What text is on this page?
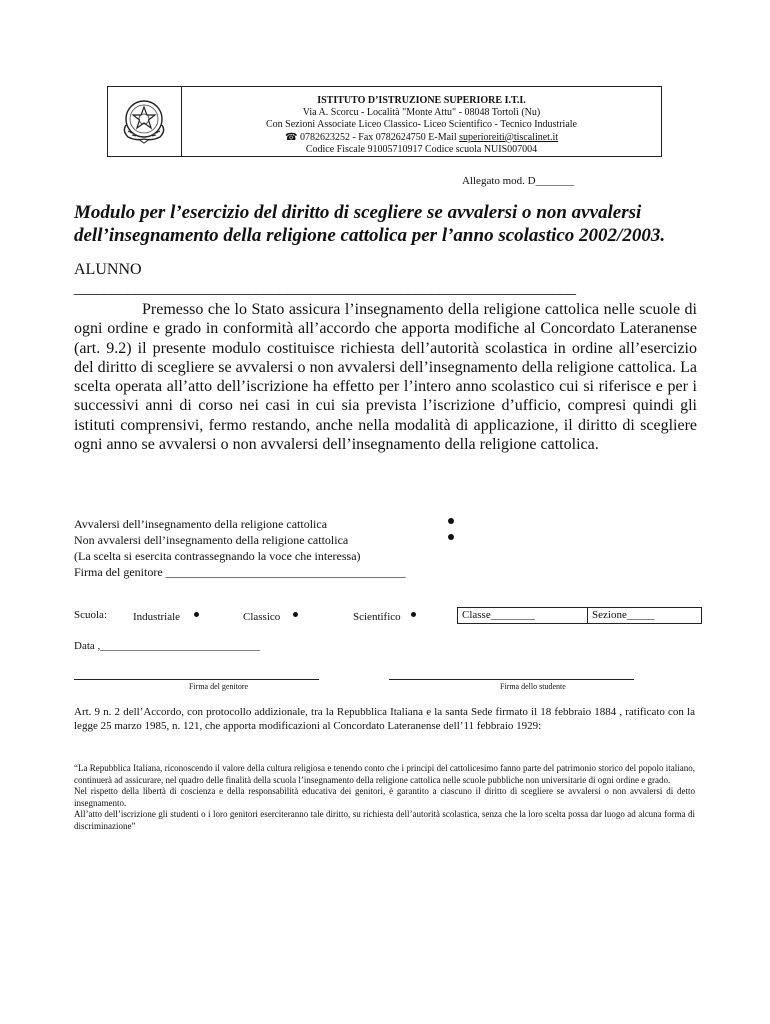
ISTITUTO D’ISTRUZIONE SUPERIORE I.T.I.
Via A. Scorcu - Località "Monte Attu" - 08048 Tortolì (Nu)
Con Sezioni Associate Liceo Classico- Liceo Scientifico - Tecnico Industriale
☎ 0782623252 - Fax 0782624750 E-Mail superioreiti@tiscalinet.it
Codice Fiscale 91005710917 Codice scuola NUIS007004
Allegato mod. D_______
Modulo per l’esercizio del diritto di scegliere se avvalersi o non avvalersi
dell’insegnamento della religione cattolica per l’anno scolastico 2002/2003.
ALUNNO
__________________________________________________________________
Premesso che lo Stato assicura l’insegnamento della religione cattolica nelle scuole di ogni ordine e grado in conformità all’accordo che apporta modifiche al Concordato Lateranense (art. 9.2) il presente modulo costituisce richiesta dell’autorità scolastica in ordine all’esercizio del diritto di scegliere se avvalersi o non avvalersi dell’insegnamento della religione cattolica. La scelta operata all’atto dell’iscrizione ha effetto per l’intero anno scolastico cui si riferisce e per i successivi anni di corso nei casi in cui sia prevista l’iscrizione d’ufficio, compresi quindi gli istituti comprensivi, fermo restando, anche nella modalità di applicazione, il diritto di scegliere ogni anno se avvalersi o non avvalersi dell’insegnamento della religione cattolica.
Avvalersi dell’insegnamento della religione cattolica
Non avvalersi dell’insegnamento della religione cattolica
(La scelta si esercita contrassegnando la voce che interessa)
Firma del genitore ________________________________________
Scuola: Industriale	Classico	Scientifico	Classe________	Sezione_____
Data ,_____________________________
Firma del genitore	Firma dello studente
Art. 9 n. 2 dell’Accordo, con protocollo addizionale, tra la Repubblica Italiana e la santa Sede firmato il 18 febbraio 1884 , ratificato con la legge 25 marzo 1985, n. 121, che apporta modificazioni al Concordato Lateranense dell’11 febbraio 1929:
“La Repubblica Italiana, riconoscendo il valore della cultura religiosa e tenendo conto che i principi del cattolicesimo fanno parte del patrimonio storico del popolo italiano, continuerà ad assicurare, nel quadro delle finalità della scuola l’insegnamento della religione cattolica nelle scuole pubbliche non universitarie di ogni ordine e grado.
Nel rispetto della libertà di coscienza e della responsabilità educativa dei genitori, è garantito a ciascuno il diritto di scegliere se avvalersi o non avvalersi di detto insegnamento.
All’atto dell’iscrizione gli studenti o i loro genitori eserciteranno tale diritto, su richiesta dell’autorità scolastica, senza che la loro scelta possa dar luogo ad alcuna forma di discriminazione”
